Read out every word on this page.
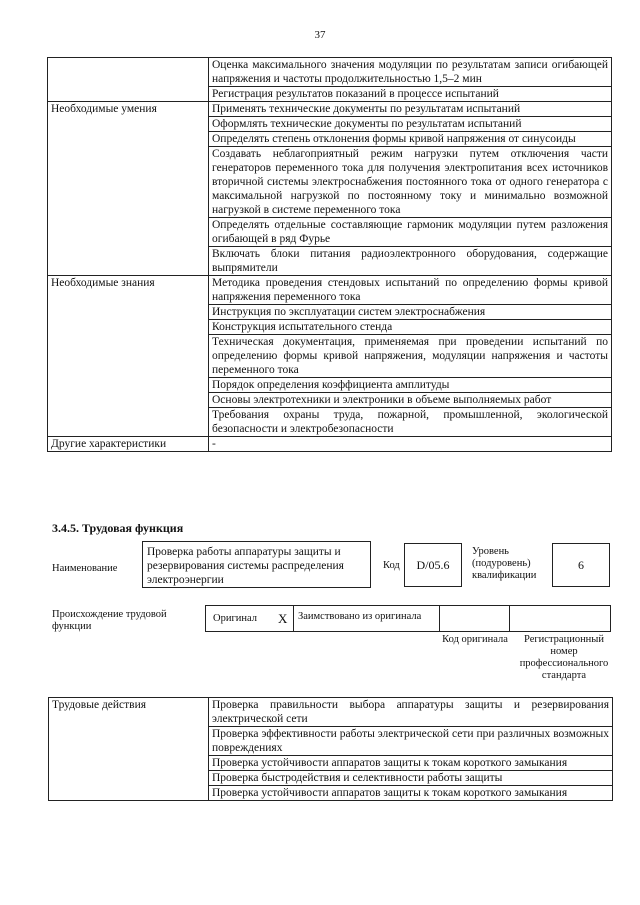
37
	Оценка максимального значения модуляции по результатам записи огибающей напряжения и частоты продолжительностью 1,5–2 мин
	Регистрация результатов показаний в процессе испытаний
Необходимые умения	Применять технические документы по результатам испытаний
	Оформлять технические документы по результатам испытаний
	Определять степень отклонения формы кривой напряжения от синусоиды
	Создавать неблагоприятный режим нагрузки путем отключения части генераторов переменного тока для получения электропитания всех источников вторичной системы электроснабжения постоянного тока от одного генератора с максимальной нагрузкой по постоянному току и минимально возможной нагрузкой в системе переменного тока
	Определять отдельные составляющие гармоник модуляции путем разложения огибающей в ряд Фурье
	Включать блоки питания радиоэлектронного оборудования, содержащие выпрямители
Необходимые знания	Методика проведения стендовых испытаний по определению формы кривой напряжения переменного тока
	Инструкция по эксплуатации систем электроснабжения
	Конструкция испытательного стенда
	Техническая документация, применяемая при проведении испытаний по определению формы кривой напряжения, модуляции напряжения и частоты переменного тока
	Порядок определения коэффициента амплитуды
	Основы электротехники и электроники в объеме выполняемых работ
	Требования охраны труда, пожарной, промышленной, экологической безопасности и электробезопасности
Другие характеристики	-
3.4.5. Трудовая функция
Наименование
Проверка работы аппаратуры защиты и резервирования системы распределения электроэнергии
Код D/05.6
Уровень (подуровень) квалификации
6
Происхождение трудовой функции
Оригинал X Заимствовано из оригинала
Код оригинала	Регистрационный номер профессионального стандарта
Трудовые действия	Проверка правильности выбора аппаратуры защиты и резервирования электрической сети
Проверка эффективности работы электрической сети при различных возможных повреждениях
Проверка устойчивости аппаратов защиты к токам короткого замыкания
Проверка быстродействия и селективности работы защиты
Проверка устойчивости аппаратов защиты к токам короткого замыкания
